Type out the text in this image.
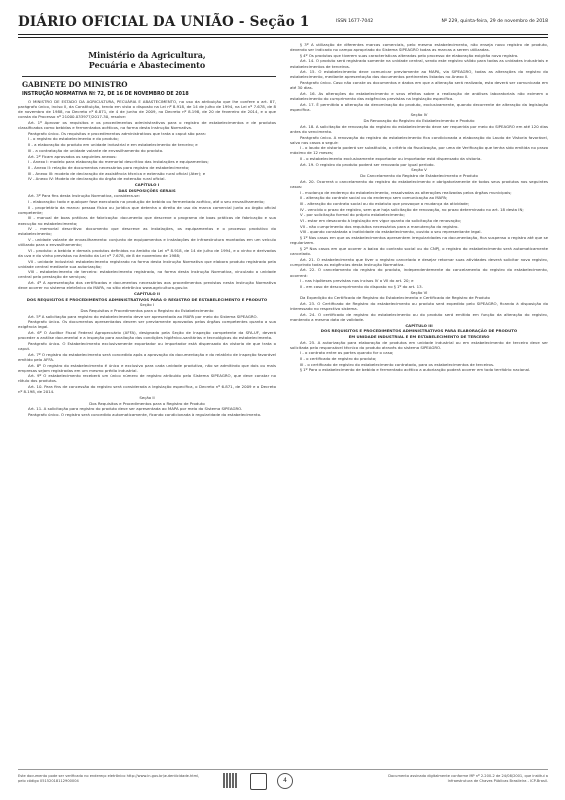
DIÁRIO OFICIAL DA UNIÃO - Seção 1	ISSN 1677-7042	Nº 229, quinta-feira, 29 de novembro de 2018
Ministério da Agricultura,
Pecuária e Abastecimento
GABINETE DO MINISTRO
INSTRUÇÃO NORMATIVA Nº 72, DE 16 DE NOVEMBRO DE 2018

O MINISTRO DE ESTADO DA AGRICULTURA, PECUÁRIA E ABASTECIMENTO, no uso da atribuição que lhe confere o art. 87, parágrafo único, inciso II, da Constituição, tendo em vista o disposto na Lei nº 8.918, de 14 de julho de 1994, na Lei nº 7.678, de 8 de novembro de 1988, no Decreto nº 6.871, de 4 de junho de 2009, no Decreto nº 8.198, de 20 de fevereiro de 2014, e o que consta do Processo nº 21000.033977/2017-30, resolve:

Art. 1º Aprovar os requisitos e os procedimentos administrativos para o registro de estabelecimentos e de produtos classificados como bebidas e fermentados acéticos, na forma desta Instrução Normativa.

Parágrafo único. Os requisitos e procedimentos administrativos que trata o caput são para:

I - o registro do estabelecimento e do produto;

II - a elaboração do produto em unidade industrial e em estabelecimento de terceiro; e

III - a contratação de unidade volante de envasilhamento do produto.

Art. 2º Ficam aprovados os seguintes anexos:

I - Anexo I: modelo para elaboração do memorial descritivo das instalações e equipamentos;

II - Anexo II: relação de documentos necessários para registro de estabelecimento;

III - Anexo III: modelo de declaração de assistência técnica e extensão rural oficial (Ater); e

IV - Anexo IV: Modelo de declaração do órgão de extensão rural oficial.

CAPÍTULO I

DAS DISPOSIÇÕES GERAIS

Art. 3º Para fins desta Instrução Normativa, considera-se:

I - elaboração: todo e qualquer fase executada na produção de bebida ou fermentado acético, até o seu envasilhamento;

II - proprietário da marca: pessoa física ou jurídica que detenha o direito de uso da marca comercial junto ao órgão oficial competente;

III - manual de boas práticas de fabricação: documento que descreve o programa de boas práticas de fabricação e sua execução no estabelecimento;

IV - memorial descritivo: documento que descreve as instalações, os equipamentos e o processo produtivo do estabelecimento;

V - unidade volante de envasilhamento: conjunto de equipamentos e instalações de infraestrutura montados em um veículo utilizado para o envasilhamento;

VI - produto: a bebida e demais produtos definidos no âmbito da Lei nº 8.918, de 14 de julho de 1994, e o vinho e derivados da uva e do vinho previstos no âmbito da Lei nº 7.678, de 8 de novembro de 1988;

VII - unidade industrial: estabelecimento registrado na forma desta Instrução Normativa que elabora produto registrado pela unidade central mediante sua autorização;

VIII - estabelecimento de terceiro: estabelecimento registrado, na forma desta Instrução Normativa, vinculado a unidade central pela prestação de serviços;

Art. 4º A apresentação dos certificados e documentos necessários aos procedimentos previstos nesta Instrução Normativa deve ocorrer no sistema eletrônico do MAPA, no sítio eletrônico www.agricultura.gov.br.

CAPÍTULO II

DOS REQUISITOS E PROCEDIMENTOS ADMINISTRATIVOS PARA O REGISTRO DE ESTABELECIMENTO E PRODUTO

Seção I

Dos Requisitos e Procedimentos para o Registro do Estabelecimento

Art. 5º A solicitação para registro do estabelecimento deve ser apresentada ao MAPA por meio do Sistema SIPEAGRO.

Parágrafo único. Os documentos apresentados devem ser previamente aprovados pelos órgãos competentes quanto a sua exigência legal.

Art. 6º O Auditor Fiscal Federal Agropecuário (AFFA), designado pela Seção de Inspeção competente da SFA-UF, deverá proceder a análise documental e a inspeção para avaliação das condições higiênico-sanitárias e tecnológicas do estabelecimento.

Parágrafo único. O Estabelecimento exclusivamente exportador ou importador está dispensado da vistoria de que trata o caput.

Art. 7º O registro do estabelecimento será concedido após a aprovação da documentação e do relatório de inspeção favorável emitido pelo AFFA.

Art. 8º O registro do estabelecimento é único e exclusivo para cada unidade produtiva, não se admitindo que dois ou mais empresas sejam registradas em um mesmo prédio industrial.

Art. 9º O estabelecimento receberá um único número de registro atribuído pelo Sistema SIPEAGRO, que deve constar no rótulo dos produtos.

Art. 10. Para fins de concessão do registro será considerada a legislação específica, o Decreto nº 6.871, de 2009 e o Decreto nº 8.198, de 2014.

Seção II

Dos Requisitos e Procedimentos para o Registro de Produto

Art. 11. A solicitação para registro do produto deve ser apresentada ao MAPA por meio do Sistema SIPEAGRO.

Parágrafo único. O registro será concedido automaticamente, ficando condicionada à regularidade do estabelecimento.

§ 3º A utilização de diferentes marcas comerciais, pelo mesmo estabelecimento, não enseja novo registro de produto, devendo ser indicado no campo apropriado do Sistema SIPEAGRO todas as marcas a serem utilizadas.

§ 4º Os produtos que tiverem suas características alteradas pelo processo de elaboração exigirão novo registro.

Art. 14. O produto será registrado somente na unidade central, sendo este registro válido para todas as unidades industriais e estabelecimentos de terceiros.

Art. 15. O estabelecimento deve comunicar previamente ao MAPA, via SIPEAGRO, todas as alterações do registro do estabelecimento, mediante apresentação dos documentos pertinentes listados no Anexo II.

Parágrafo único. Caso não conste os documentos e dados em que a alteração será realizada, esta deverá ser comunicada em até 30 dias.

Art. 16. As alterações do estabelecimento e seus efeitos sobre a realização de análises laboratoriais não eximem o estabelecimento do cumprimento das exigências previstas na legislação específica.

Art. 17. É permitida a alteração da denominação do produto, exclusivamente, quando decorrente de alteração da legislação específica.

Seção IV

Da Renovação do Registro do Estabelecimento e Produto

Art. 18. A solicitação de renovação do registro do estabelecimento deve ser requerida por meio do SIPEAGRO em até 120 dias antes do vencimento.

Parágrafo único. A renovação do registro do estabelecimento fica condicionada a elaboração do Laudo de Vistoria favorável, salvo nos casos a seguir:

I - o laudo de vistoria poderá ser substituído, a critério da fiscalização, por uma de Verificação que tenha sido emitida no prazo máximo de 12 meses;

II - o estabelecimento exclusivamente exportador ou importador está dispensado da vistoria.

Art. 19. O registro do produto poderá ser renovado por igual período.

Seção V

Do Cancelamento do Registro de Estabelecimento e Produto

Art. 20. Ocorrerá o cancelamento do registro do estabelecimento e obrigatoriamente de todos seus produtos nos seguintes casos:

I - mudança de endereço do estabelecimento, ressalvadas as alterações realizadas pelos órgãos municipais;

II - alteração do controle social ou do endereço sem comunicação ao MAPA;

III - alteração do contrato social ou do estatuto que provoque a mudança da atividade;

IV - vencido o prazo de registro, sem que haja solicitação de renovação, no prazo determinado no art. 18 desta IN;

V - por solicitação formal do próprio estabelecimento;

VI - estar em desacordo à legislação em vigor quanto da solicitação de renovação;

VII - não cumprimento dos requisitos necessários para a manutenção do registro.

VIII - quando constatada a inatividade do estabelecimento, ouvido o seu representante legal.

§ 1º Nos casos em que os estabelecimentos apresentem irregularidades na documentação, fica suspenso o registro até que se regularizem.

§ 2º Nos casos em que ocorrer a baixa do contrato social ou do CNPJ, o registro do estabelecimento será automaticamente cancelado.

Art. 21. O estabelecimento que tiver o registro cancelado e desejar retornar suas atividades deverá solicitar novo registro, cumprindo todas as exigências desta Instrução Normativa.

Art. 22. O cancelamento do registro do produto, independentemente do cancelamento do registro do estabelecimento, ocorrerá:

I - nas hipóteses previstas nos incisos IV a VII do art. 20; e

II - em caso de descumprimento do disposto no § 1º do art. 13.

Seção VI

Da Expedição do Certificado de Registro do Estabelecimento e Certificado de Registro de Produto

Art. 23. O Certificado de Registro do estabelecimento ou produto será expedido pelo SIPEAGRO, ficando à disposição do interessado no respectivo sistema.

Art. 24. O certificado de registro do estabelecimento ou do produto será emitido em função da alteração do registro, mantendo a mesma data de validade.

CAPÍTULO III

DOS REQUISITOS E PROCEDIMENTOS ADMINISTRATIVOS PARA ELABORAÇÃO DE PRODUTO

EM UNIDADE INDUSTRIAL E EM ESTABELECIMENTO DE TERCEIRO

Art. 25. A autorização para elaboração de produtos em unidade industrial ou em estabelecimento de terceiro deve ser solicitada pelo responsável técnico do produto através do sistema SIPEAGRO.

I - o contrato entre as partes quando for o caso;

II - o certificado de registro do produto;

III - o certificado de registro do estabelecimento contratado, para os estabelecimentos de terceiros.

§ 1º Para o estabelecimento de bebida e fermentado acético a autorização poderá ocorrer em todo território nacional.

Este documento pode ser verificado no endereço eletrônico http://www.in.gov.br/autenticidade.html, pelo código 05152018112900004	4
Documento assinado digitalmente conforme MP nº 2.200-2 de 24/08/2001, que institui a Infraestrutura de Chaves Públicas Brasileira - ICP-Brasil.
